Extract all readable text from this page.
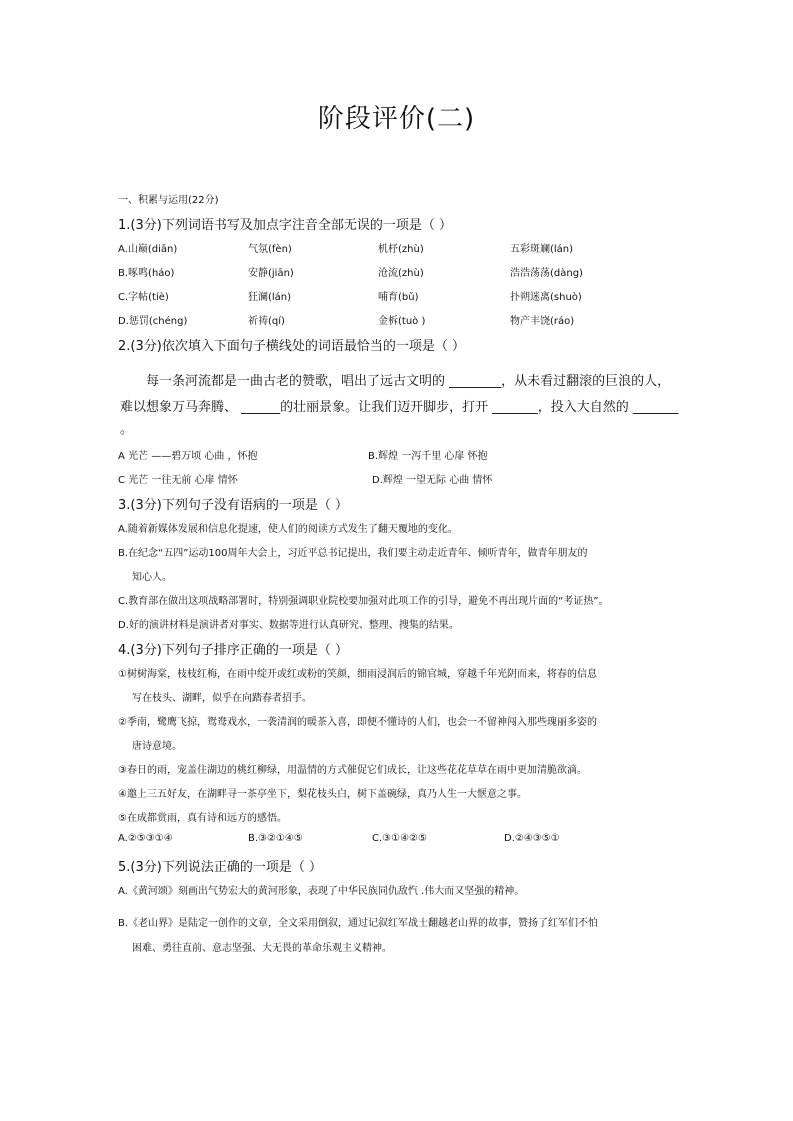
阶段评价(二)
一、积累与运用(22分)
1.(3分)下列词语书写及加点字注音全部无误的一项是（ ）
A.山巅(diān)	气氛(fèn)	机杼(zhù)	五彩斑斓(lán)
B.啄鸣(háo)	安静(jiān)	沧流(zhù)	浩浩荡荡(dàng)
C.字帖(tiè)	狂澜(lán)	哺育(bǔ)	扑朔迷离(shuò)
D.惩罚(chéng)	祈祷(qí)	金柝(tuò )	物产丰饶(ráo)
2.(3分)依次填入下面句子横线处的词语最恰当的一项是（ ）
每一条河流都是一曲古老的赞歌，唱出了远古文明的 ________，从未看过翻滚的巨浪的人，
难以想象万马奔腾、 ______的壮丽景象。让我们迈开脚步，打开 _______，投入大自然的 _______
。
A 光芒 ——碧万顷 心曲 ，怀抱	B.辉煌 一泻千里 心扉 怀抱
C 光芒 一往无前 心扉 情怀	D.辉煌 一望无际 心曲 情怀
3.(3分)下列句子没有语病的一项是（ ）
A.随着新媒体发展和信息化提速，使人们的阅读方式发生了翻天覆地的变化。
B.在纪念“五四”运动100周年大会上，习近平总书记提出，我们要主动走近青年、倾听青年，做青年朋友的
知心人。
C.教育部在做出这项战略部署时，特别强调职业院校要加强对此项工作的引导，避免不再出现片面的“考证热”。
D.好的演讲材料是演讲者对事实、数据等进行认真研究、整理、搜集的结果。
4.(3分)下列句子排序正确的一项是（ ）
①树树海棠，枝枝红梅，在雨中绽开或红或粉的笑颜，细雨浸润后的锦官城，穿越千年光阴而来，将春的信息
写在枝头、湖畔，似乎在向踏春者招手。
②季南，鹭鹰飞掠，鸳鸯戏水，一袭清润的暖茶入喜，即便不懂诗的人们，也会一不留神闯入那些瑰丽多姿的
唐诗意境。
③春日的雨，宠盖住湖边的桃红柳绿，用温情的方式催促它们成长，让这些花花草草在雨中更加清脆欲滴。
④邀上三五好友，在湖畔寻一茶亭坐下，梨花枝头白，树下盖碗绿，真乃人生一大惬意之事。
⑤在成都赏雨，真有诗和远方的感悟。
A.②⑤③①④	B.③②①④⑤	C.③①④②⑤	D.②④③⑤①
5.(3分)下列说法正确的一项是（ ）
A.《黄河颂》刻画出气势宏大的黄河形象，表现了中华民族同仇敌忾 .伟大而又坚强的精神。
B.《老山界》是陆定一创作的文章，全文采用倒叙，通过记叙红军战士翻越老山界的故事，赞扬了红军们不怕
困难、勇往直前、意志坚强、大无畏的革命乐观主义精神。
